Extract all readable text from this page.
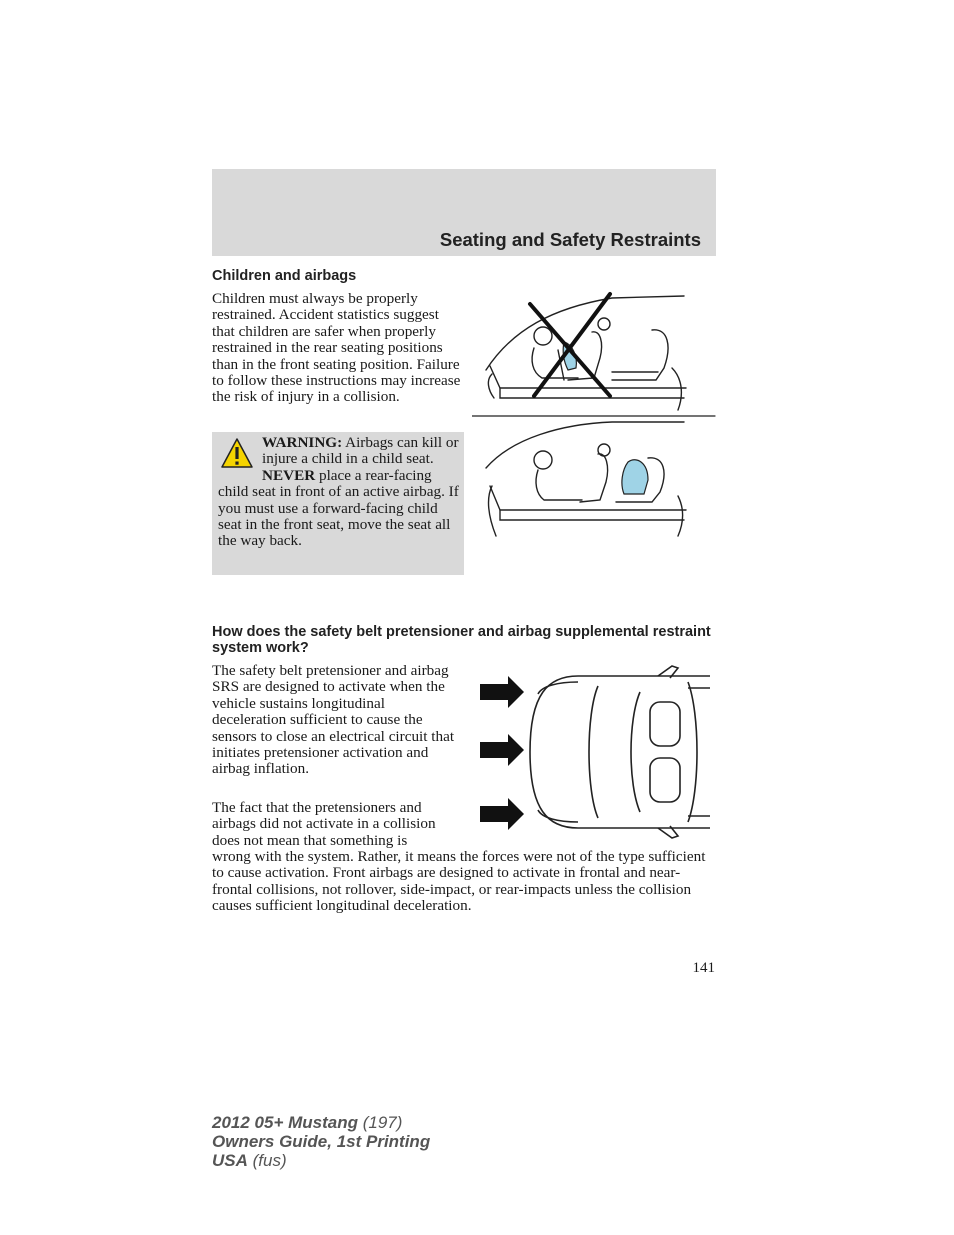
Seating and Safety Restraints
Children and airbags

Children must always be properly restrained. Accident statistics suggest that children are safer when properly restrained in the rear seating positions than in the front seating position. Failure to follow these instructions may increase the risk of injury in a collision.

WARNING: Airbags can kill or injure a child in a child seat. NEVER place a rear-facing child seat in front of an active airbag. If you must use a forward-facing child seat in the front seat, move the seat all the way back.
How does the safety belt pretensioner and airbag supplemental restraint system work?

The safety belt pretensioner and airbag SRS are designed to activate when the vehicle sustains longitudinal deceleration sufficient to cause the sensors to close an electrical circuit that initiates pretensioner activation and airbag inflation.

The fact that the pretensioners and airbags did not activate in a collision does not mean that something is

141
2012 05+ Mustang (197)
Owners Guide, 1st Printing
USA (fus)

wrong with the system. Rather, it means the forces were not of the type sufficient to cause activation. Front airbags are designed to activate in frontal and near-frontal collisions, not rollover, side-impact, or rear-impacts unless the collision causes sufficient longitudinal deceleration.
